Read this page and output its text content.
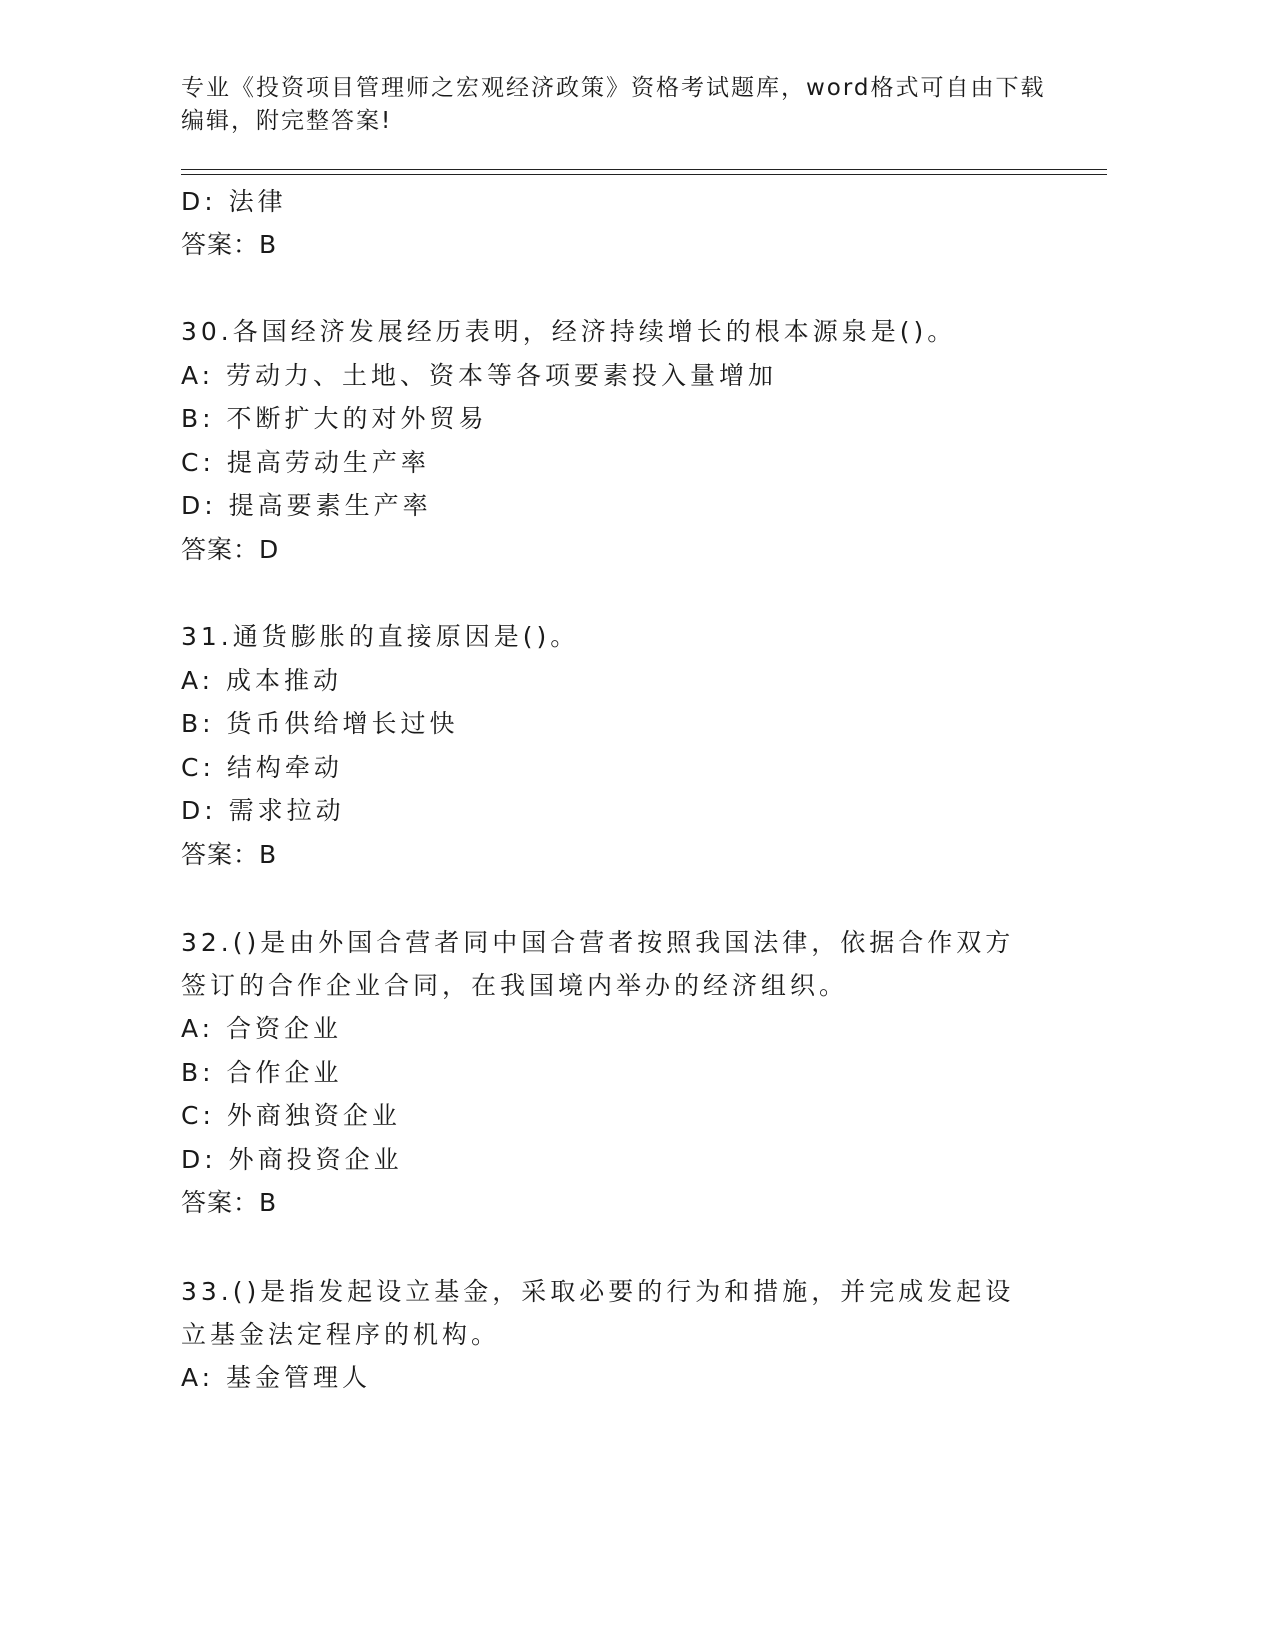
专业《投资项目管理师之宏观经济政策》资格考试题库，word格式可自由下载编辑，附完整答案!
D: 法律
答案：B
30.各国经济发展经历表明，经济持续增长的根本源泉是()。
A: 劳动力、土地、资本等各项要素投入量增加
B: 不断扩大的对外贸易
C: 提高劳动生产率
D: 提高要素生产率
答案：D
31.通货膨胀的直接原因是()。
A: 成本推动
B: 货币供给增长过快
C: 结构牵动
D: 需求拉动
答案：B
32.()是由外国合营者同中国合营者按照我国法律，依据合作双方签订的合作企业合同，在我国境内举办的经济组织。
A: 合资企业
B: 合作企业
C: 外商独资企业
D: 外商投资企业
答案：B
33.()是指发起设立基金，采取必要的行为和措施，并完成发起设立基金法定程序的机构。
A: 基金管理人
